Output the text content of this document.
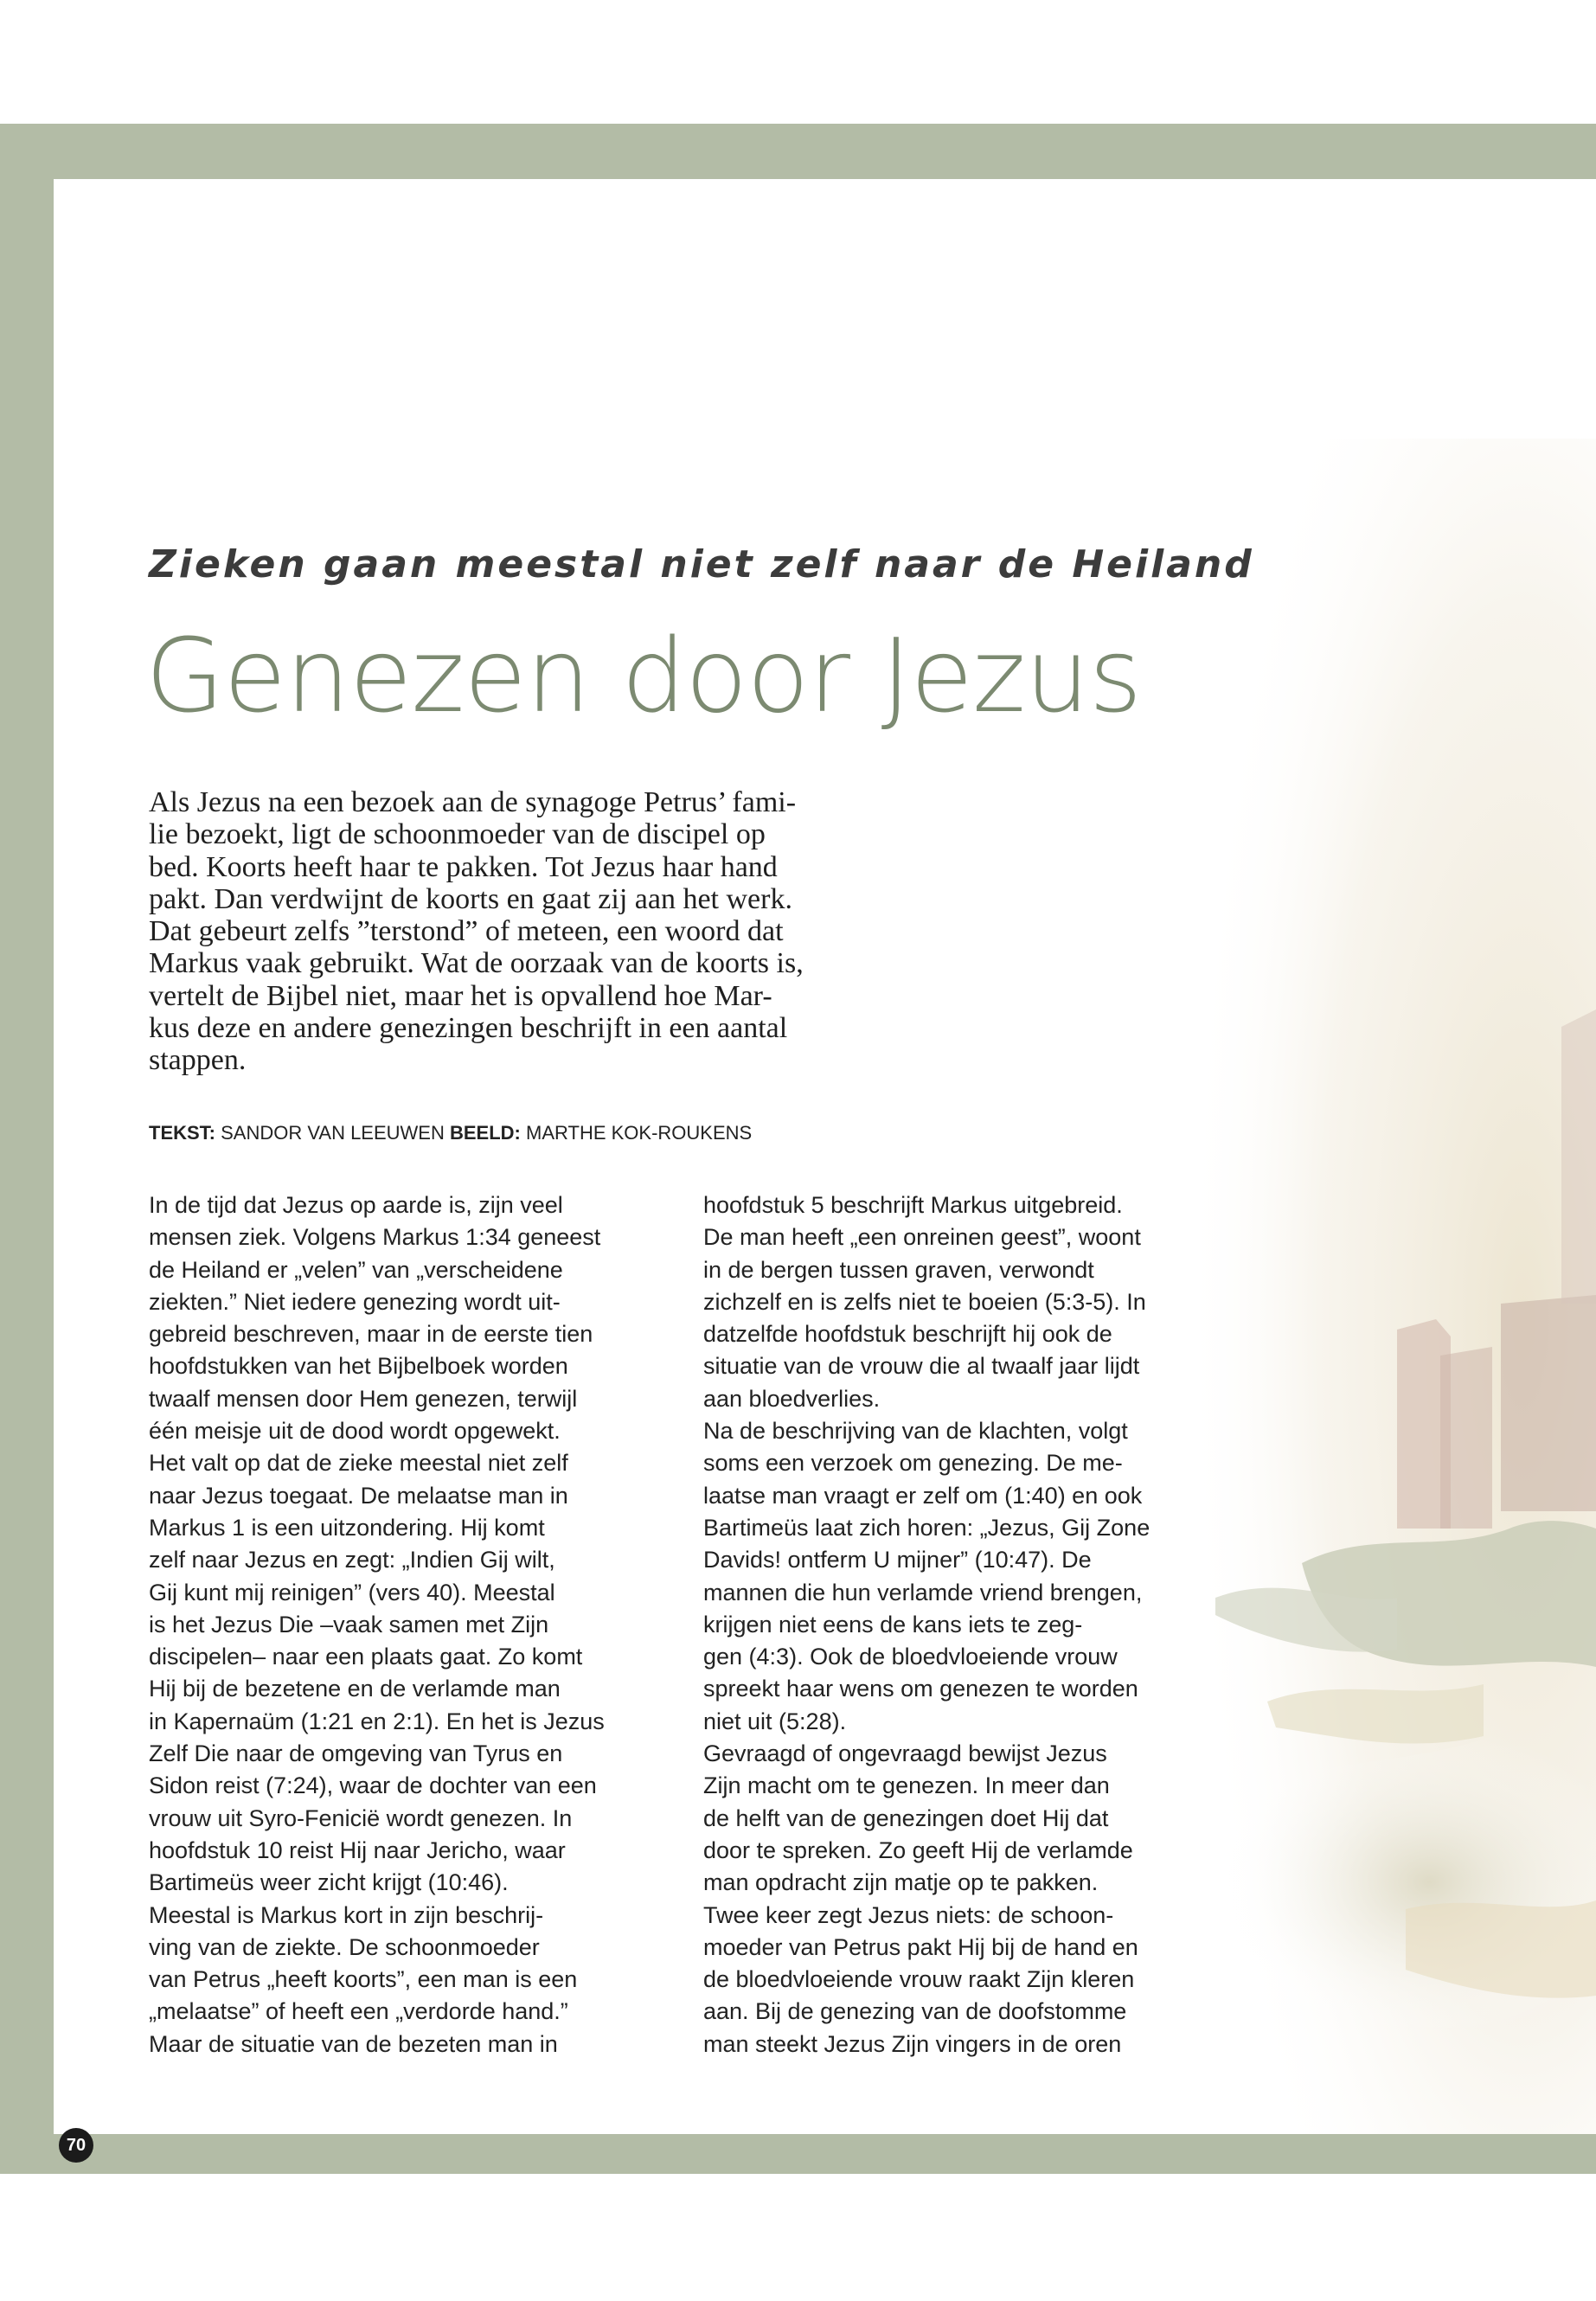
Zieken gaan meestal niet zelf naar de Heiland
Genezen door Jezus

Als Jezus na een bezoek aan de synagoge Petrus’ fami-
lie bezoekt, ligt de schoonmoeder van de discipel op
bed. Koorts heeft haar te pakken. Tot Jezus haar hand
pakt. Dan verdwijnt de koorts en gaat zij aan het werk.
Dat gebeurt zelfs ”terstond” of meteen, een woord dat
Markus vaak gebruikt. Wat de oorzaak van de koorts is,
vertelt de Bijbel niet, maar het is opvallend hoe Mar-
kus deze en andere genezingen beschrijft in een aantal
stappen.

TEKST: SANDOR VAN LEEUWEN BEELD: MARTHE KOK-ROUKENS

In de tijd dat Jezus op aarde is, zijn veel
mensen ziek. Volgens Markus 1:34 geneest
de Heiland er „velen” van „verscheidene
ziekten.” Niet iedere genezing wordt uit-
gebreid beschreven, maar in de eerste tien
hoofdstukken van het Bijbelboek worden
twaalf mensen door Hem genezen, terwijl
één meisje uit de dood wordt opgewekt.
Het valt op dat de zieke meestal niet zelf
naar Jezus toegaat. De melaatse man in
Markus 1 is een uitzondering. Hij komt
zelf naar Jezus en zegt: „Indien Gij wilt,
Gij kunt mij reinigen” (vers 40). Meestal
is het Jezus Die –vaak samen met Zijn
discipelen– naar een plaats gaat. Zo komt
Hij bij de bezetene en de verlamde man
in Kapernaüm (1:21 en 2:1). En het is Jezus
Zelf Die naar de omgeving van Tyrus en
Sidon reist (7:24), waar de dochter van een
vrouw uit Syro-Fenicië wordt genezen. In
hoofdstuk 10 reist Hij naar Jericho, waar
Bartimeüs weer zicht krijgt (10:46).
Meestal is Markus kort in zijn beschrij-
ving van de ziekte. De schoonmoeder
van Petrus „heeft koorts”, een man is een
„melaatse” of heeft een „verdorde hand.”
Maar de situatie van de bezeten man in
hoofdstuk 5 beschrijft Markus uitgebreid.
De man heeft „een onreinen geest”, woont
in de bergen tussen graven, verwondt
zichzelf en is zelfs niet te boeien (5:3-5). In
datzelfde hoofdstuk beschrijft hij ook de
situatie van de vrouw die al twaalf jaar lijdt
aan bloedverlies.
Na de beschrijving van de klachten, volgt
soms een verzoek om genezing. De me-
laatse man vraagt er zelf om (1:40) en ook
Bartimeüs laat zich horen: „Jezus, Gij Zone
Davids! ontferm U mijner” (10:47). De
mannen die hun verlamde vriend brengen,
krijgen niet eens de kans iets te zeg-
gen (4:3). Ook de bloedvloeiende vrouw
spreekt haar wens om genezen te worden
niet uit (5:28).
Gevraagd of ongevraagd bewijst Jezus
Zijn macht om te genezen. In meer dan
de helft van de genezingen doet Hij dat
door te spreken. Zo geeft Hij de verlamde
man opdracht zijn matje op te pakken.
Twee keer zegt Jezus niets: de schoon-
moeder van Petrus pakt Hij bij de hand en
de bloedvloeiende vrouw raakt Zijn kleren
aan. Bij de genezing van de doofstomme
man steekt Jezus Zijn vingers in de oren
70
